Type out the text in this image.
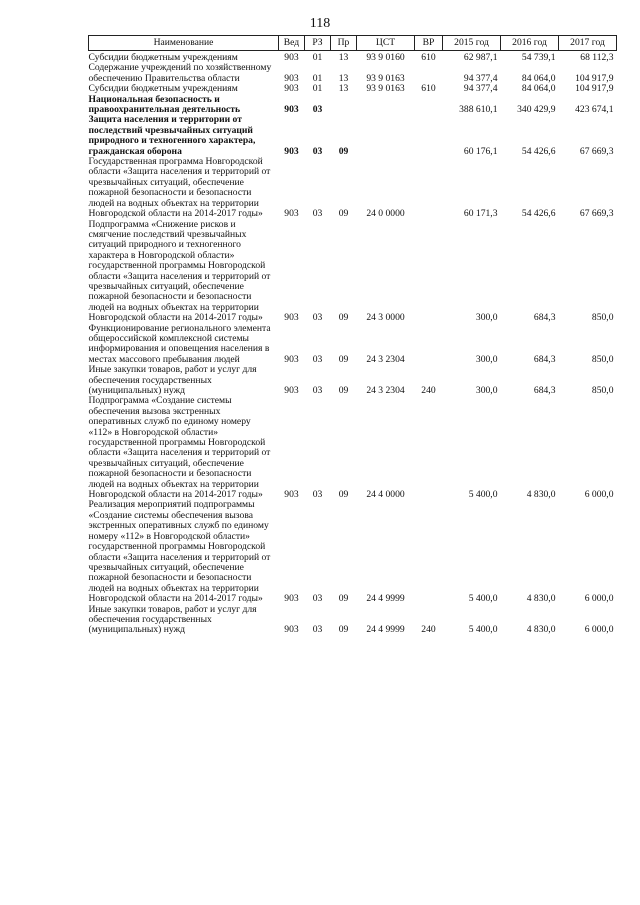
118
Наименование	Вед	РЗ	Пр	ЦСТ	ВР	2015 год	2016 год	2017 год
Субсидии бюджетным учреждениям	903	01	13	93 9 0160	610	62 987,1	54 739,1	68 112,3
Содержание учреждений по хозяйственному обеспечению Правительства области	903	01	13	93 9 0163		94 377,4	84 064,0	104 917,9
Субсидии бюджетным учреждениям	903	01	13	93 9 0163	610	94 377,4	84 064,0	104 917,9
Национальная безопасность и правоохранительная деятельность	903	03				388 610,1	340 429,9	423 674,1
Защита населения и территории от последствий чрезвычайных ситуаций природного и техногенного характера, гражданская оборона	903	03	09			60 176,1	54 426,6	67 669,3
Государственная программа Новгородской области «Защита населения и территорий от чрезвычайных ситуаций, обеспечение пожарной безопасности и безопасности людей на водных объектах на территории Новгородской области на 2014-2017 годы»	903	03	09	24 0 0000		60 171,3	54 426,6	67 669,3
Подпрограмма «Снижение рисков и смягчение последствий чрезвычайных ситуаций природного и техногенного характера в Новгородской области» государственной программы Новгородской области «Защита населения и территорий от чрезвычайных ситуаций, обеспечение пожарной безопасности и безопасности людей на водных объектах на территории Новгородской области на 2014-2017 годы»	903	03	09	24 3 0000		300,0	684,3	850,0
Функционирование регионального элемента общероссийской комплексной системы информирования и оповещения населения в местах массового пребывания людей	903	03	09	24 3 2304		300,0	684,3	850,0
Иные закупки товаров, работ и услуг для обеспечения государственных (муниципальных) нужд	903	03	09	24 3 2304	240	300,0	684,3	850,0
Подпрограмма «Создание системы обеспечения вызова экстренных оперативных служб по единому номеру «112» в Новгородской области» государственной программы Новгородской области «Защита населения и территорий от чрезвычайных ситуаций, обеспечение пожарной безопасности и безопасности людей на водных объектах на территории Новгородской области на 2014-2017 годы»	903	03	09	24 4 0000		5 400,0	4 830,0	6 000,0
Реализация мероприятий подпрограммы «Создание системы обеспечения вызова экстренных оперативных служб по единому номеру «112» в Новгородской области» государственной программы Новгородской области «Защита населения и территорий от чрезвычайных ситуаций, обеспечение пожарной безопасности и безопасности людей на водных объектах на территории Новгородской области на 2014-2017 годы»	903	03	09	24 4 9999		5 400,0	4 830,0	6 000,0
Иные закупки товаров, работ и услуг для обеспечения государственных (муниципальных) нужд	903	03	09	24 4 9999	240	5 400,0	4 830,0	6 000,0
